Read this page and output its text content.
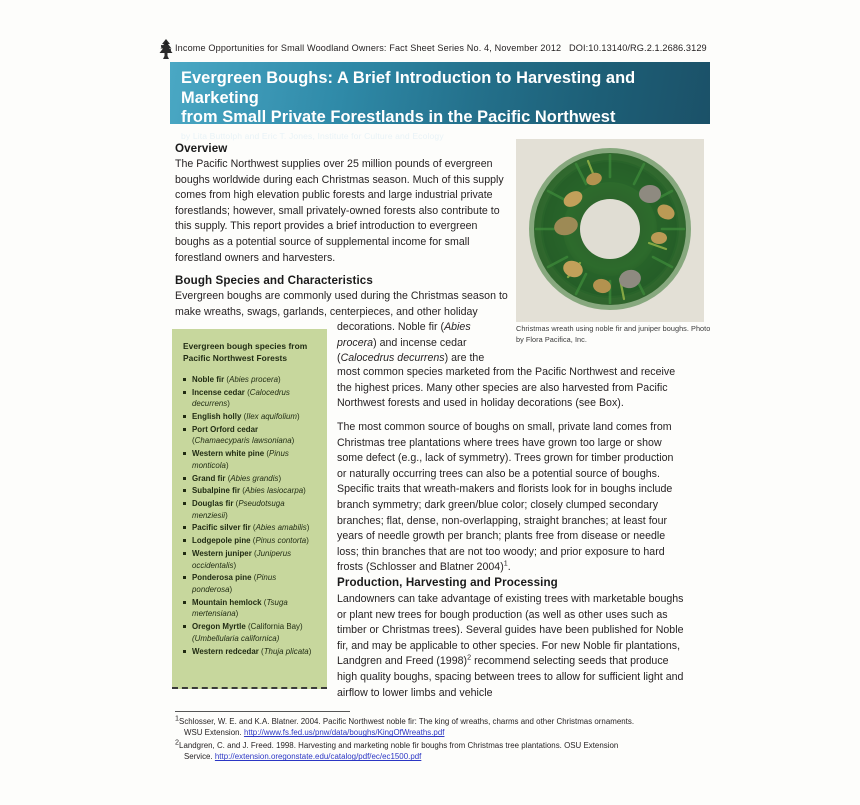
Income Opportunities for Small Woodland Owners: Fact Sheet Series No. 4, November 2012 DOI:10.13140/RG.2.1.2686.3129
Evergreen Boughs: A Brief Introduction to Harvesting and Marketing
from Small Private Forestlands in the Pacific Northwest
by Lita Buttolph and Eric T. Jones, Institute for Culture and Ecology
Overview
The Pacific Northwest supplies over 25 million pounds of evergreen boughs worldwide during each Christmas season. Much of this supply comes from high elevation public forests and large industrial private forestlands; however, small privately-owned forests also contribute to this supply. This report provides a brief introduction to evergreen boughs as a potential source of supplemental income for small forestland owners and harvesters.
Bough Species and Characteristics
Evergreen boughs are commonly used during the Christmas season to make wreaths, swags, garlands, centerpieces, and other holiday
Christmas wreath using noble fir and juniper boughs. Photo by Flora Pacifica, Inc.
Evergreen bough species from Pacific Northwest Forests
Noble fir (Abies procera)
Incense cedar (Calocedrus decurrens)
English holly (Ilex aquifolium)
Port Orford cedar (Chamaecyparis lawsoniana)
Western white pine (Pinus monticola)
Grand fir (Abies grandis)
Subalpine fir (Abies lasiocarpa)
Douglas fir (Pseudotsuga menziesii)
Pacific silver fir (Abies amabilis)
Lodgepole pine (Pinus contorta)
Western juniper (Juniperus occidentalis)
Ponderosa pine (Pinus ponderosa)
Mountain hemlock (Tsuga mertensiana)
Oregon Myrtle (California Bay)
(Umbellularia californica)
Western redcedar (Thuja plicata)
decorations. Noble fir (Abies procera) and incense cedar (Calocedrus decurrens) are the
most common species marketed from the Pacific Northwest and receive the highest prices. Many other species are also harvested from Pacific Northwest forests and used in holiday decorations (see Box).
The most common source of boughs on small, private land comes from Christmas tree plantations where trees have grown too large or show some defect (e.g., lack of symmetry). Trees grown for timber production or naturally occurring trees can also be a potential source of boughs. Specific traits that wreath-makers and florists look for in boughs include branch symmetry; dark green/blue color; closely clumped secondary branches; flat, dense, non-overlapping, straight branches; at least four years of needle growth per branch; plants free from disease or needle loss; thin branches that are not too woody; and prior exposure to hard frosts (Schlosser and Blatner 2004)$^1$.
Production, Harvesting and Processing
Landowners can take advantage of existing trees with marketable boughs or plant new trees for bough production (as well as other uses such as timber or Christmas trees). Several guides have been published for Noble fir, and may be applicable to other species. For new Noble fir plantations, Landgren and Freed $(1998)^2$ recommend selecting seeds that produce high quality boughs, spacing between trees to allow for sufficient light and airflow to lower limbs and vehicle
$^1$Schlosser, W. E. and K.A. Blatner. 2004. Pacific Northwest noble fir: The king of wreaths, charms and other Christmas ornaments.
WSU Extension. http://www.fs.fed.us/pnw/data/boughs/KingOfWreaths.pdf
$^2$Landgren, C. and J. Freed. 1998. Harvesting and marketing noble fir boughs from Christmas tree plantations. OSU Extension
Service. http://extension.oregonstate.edu/catalog/pdf/ec/ec1500.pdf
